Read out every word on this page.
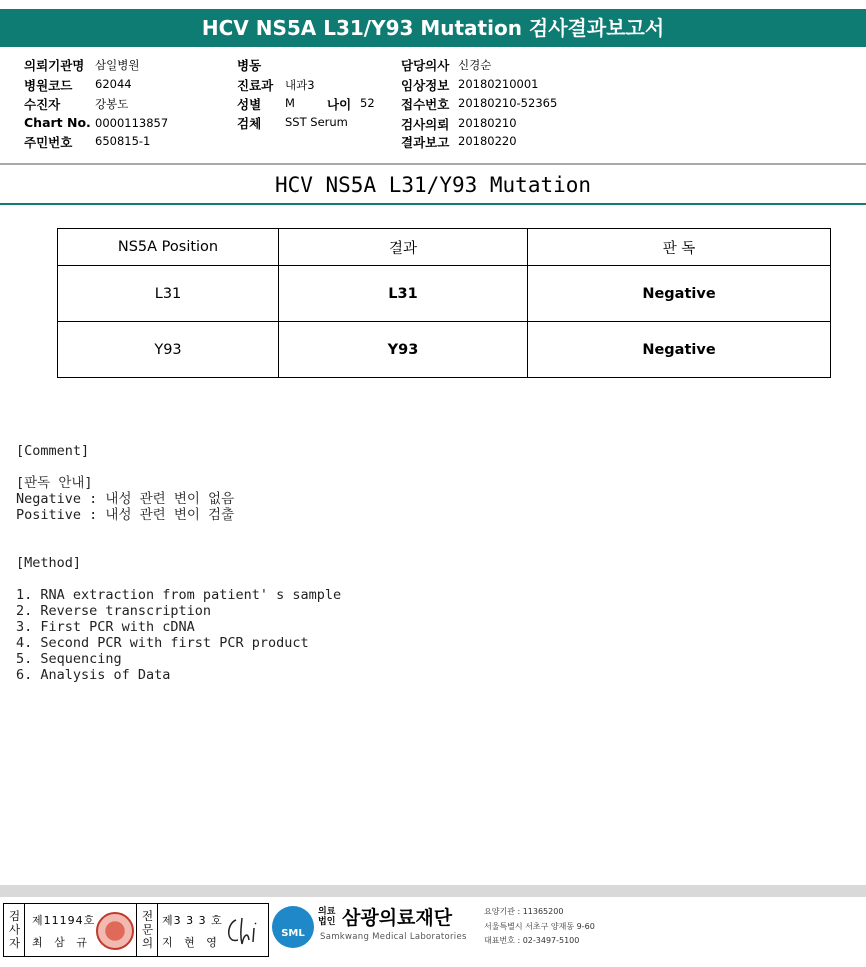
HCV NS5A L31/Y93 Mutation 검사결과보고서
의뢰기관명 삼일병원
병원코드 62044
수진자	강봉도
Chart No. 0000113857
주민번호 650815-1
병동
진료과 내과3
성별 M	나이 52
검체 SST Serum
담당의사 신경순
임상정보 20180210001
접수번호 20180210-52365
검사의뢰 20180210
결과보고 20180220
HCV NS5A L31/Y93 Mutation
NS5A Position	결과	판 독
L31	L31	Negative
Y93	Y93	Negative
[Comment]
[판독 안내]
Negative : 내성 관련 변이 없음
Positive : 내성 관련 변이 검출
[Method]
1. RNA extraction from patient' s sample
2. Reverse transcription
3. First PCR with cDNA
4. Second PCR with first PCR product
5. Sequencing
6. Analysis of Data
검사자 제11194호
최 삼 규	전문의 제3 3 3 호
지 현 영
SML
의료법인 삼광의료재단
Samkwang Medical Laboratories
요양기관 : 11365200
서울특별시 서초구 양재동 9-60
대표번호 : 02-3497-5100
